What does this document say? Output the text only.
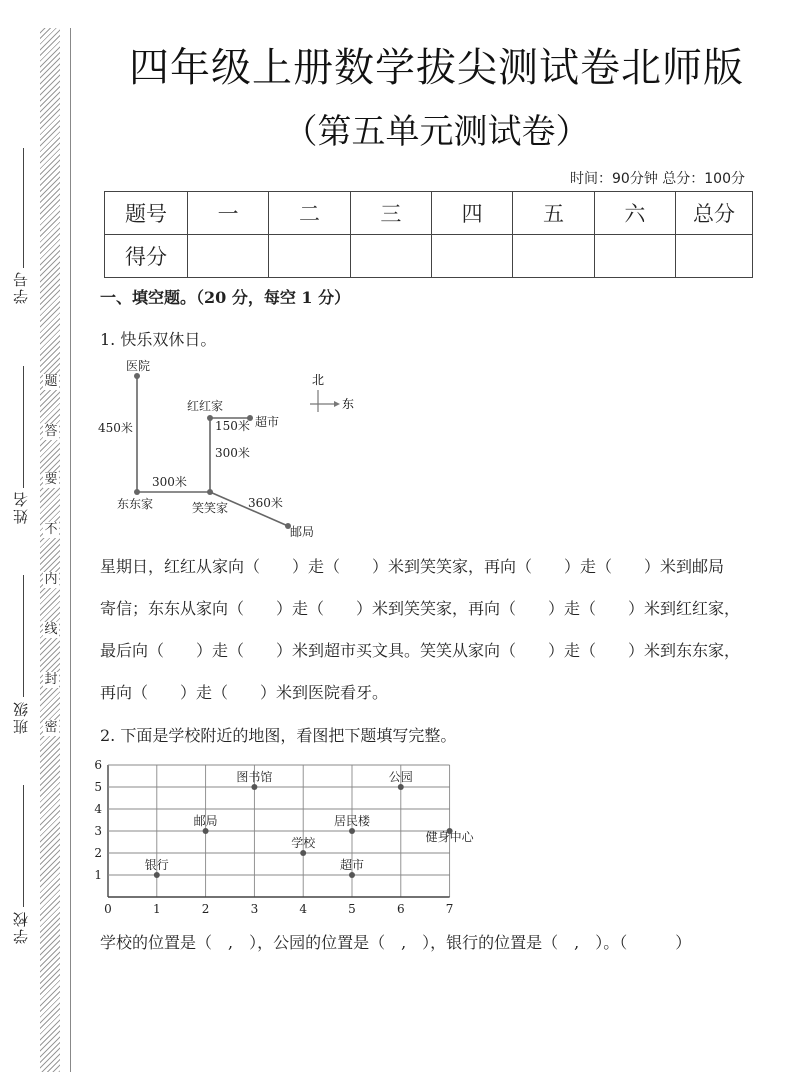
学号
姓名
班级
学校
题
答
要
不
内
线
封
密
四年级上册数学拔尖测试卷北师版
（第五单元测试卷）
时间：90分钟 总分：100分
题号	一	二	三	四	五	六	总分
得分							
一、填空题。（20 分，每空 1 分）
1. 快乐双休日。
医院
红红家
超市
东东家	笑笑家
邮局
450米	150米
300米
300米
360米
北
东
星期日，红红从家向（　　）走（　　）米到笑笑家，再向（　　）走（　　）米到邮局
寄信；东东从家向（　　）走（　　）米到笑笑家，再向（　　）走（　　）米到红红家，
最后向（　　）走（　　）米到超市买文具。笑笑从家向（　　）走（　　）米到东东家，
再向（　　）走（　　）米到医院看牙。
2. 下面是学校附近的地图，看图把下题填写完整。
0	1	2	3	4	5	6	7
1
2
3
4
5
6
图书馆	公园
邮局	居民楼
学校	健身中心
银行	超市
学校的位置是（　,　），公园的位置是（　,　），银行的位置是（　,　）。（　　　）
